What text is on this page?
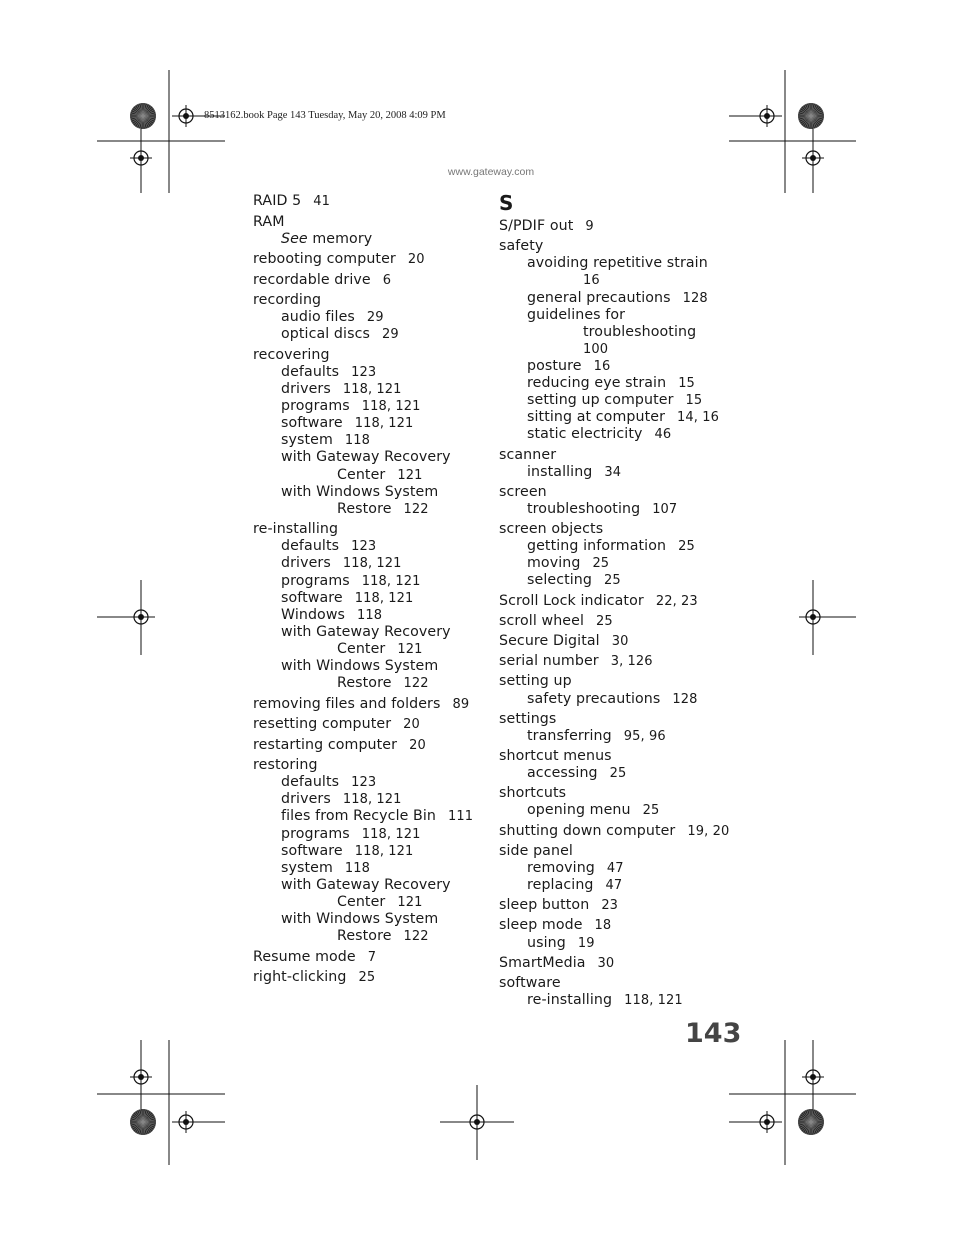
8513162.book Page 143 Tuesday, May 20, 2008 4:09 PM
www.gateway.com
RAID 5 41
RAM
See memory
rebooting computer 20
recordable drive 6
recording
audio files 29
optical discs 29
recovering
defaults 123
drivers 118, 121
programs 118, 121
software 118, 121
system 118
with Gateway Recovery
Center 121
with Windows System
Restore 122
re-installing
defaults 123
drivers 118, 121
programs 118, 121
software 118, 121
Windows 118
with Gateway Recovery
Center 121
with Windows System
Restore 122
removing files and folders 89
resetting computer 20
restarting computer 20
restoring
defaults 123
drivers 118, 121
files from Recycle Bin 111
programs 118, 121
software 118, 121
system 118
with Gateway Recovery
Center 121
with Windows System
Restore 122
Resume mode 7
right-clicking 25
S
S/PDIF out 9
safety
avoiding repetitive strain
16
general precautions 128
guidelines for
troubleshooting
100
posture 16
reducing eye strain 15
setting up computer 15
sitting at computer 14, 16
static electricity 46
scanner
installing 34
screen
troubleshooting 107
screen objects
getting information 25
moving 25
selecting 25
Scroll Lock indicator 22, 23
scroll wheel 25
Secure Digital 30
serial number 3, 126
setting up
safety precautions 128
settings
transferring 95, 96
shortcut menus
accessing 25
shortcuts
opening menu 25
shutting down computer 19, 20
side panel
removing 47
replacing 47
sleep button 23
sleep mode 18
using 19
SmartMedia 30
software
re-installing 118, 121
143
